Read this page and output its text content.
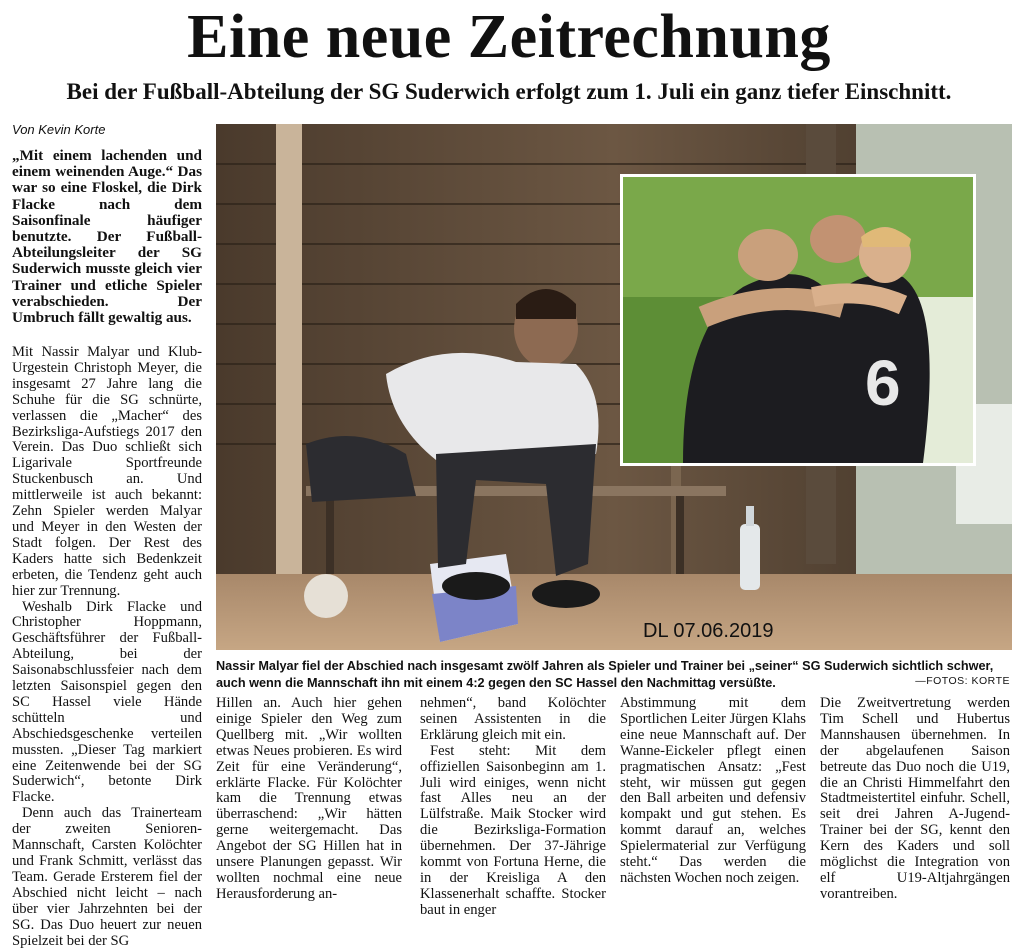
Eine neue Zeitrechnung
Bei der Fußball-Abteilung der SG Suderwich erfolgt zum 1. Juli ein ganz tiefer Einschnitt.
Von Kevin Korte
„Mit einem lachenden und einem weinenden Auge.“ Das war so eine Floskel, die Dirk Flacke nach dem Saisonfinale häufiger benutzte. Der Fußball-Abteilungsleiter der SG Suderwich musste gleich vier Trainer und etliche Spieler verabschieden. Der Umbruch fällt gewaltig aus.

Mit Nassir Malyar und Klub-Urgestein Christoph Meyer, die insgesamt 27 Jahre lang die Schuhe für die SG schnürte, verlassen die „Macher“ des Bezirksliga-Aufstiegs 2017 den Verein. Das Duo schließt sich Ligarivale Sportfreunde Stuckenbusch an. Und mittlerweile ist auch bekannt: Zehn Spieler werden Malyar und Meyer in den Westen der Stadt folgen. Der Rest des Kaders hatte sich Bedenkzeit erbeten, die Tendenz geht auch hier zur Trennung.

Weshalb Dirk Flacke und Christopher Hoppmann, Geschäftsführer der Fußball-Abteilung, bei der Saisonabschlussfeier nach dem letzten Saisonspiel gegen den SC Hassel viele Hände schütteln und Abschiedsgeschenke verteilen mussten. „Dieser Tag markiert eine Zeitenwende bei der SG Suderwich“, betonte Dirk Flacke.

Denn auch das Trainerteam der zweiten Senioren-Mannschaft, Carsten Kolöchter und Frank Schmitt, verlässt das Team. Gerade Ersterem fiel der Abschied nicht leicht – nach über vier Jahrzehnten bei der SG. Das Duo heuert zur neuen Spielzeit bei der SG

6
DL 07.06.2019
Nassir Malyar fiel der Abschied nach insgesamt zwölf Jahren als Spieler und Trainer bei „seiner“ SG Suderwich sichtlich schwer, auch wenn die Mannschaft ihn mit einem 4:2 gegen den SC Hassel den Nachmittag versüßte.	—FOTOS: KORTE

Hillen an. Auch hier gehen einige Spieler den Weg zum Quellberg mit. „Wir wollten etwas Neues probieren. Es wird Zeit für eine Veränderung“, erklärte Flacke. Für Kolöchter kam die Trennung etwas überraschend: „Wir hätten gerne weitergemacht. Das Angebot der SG Hillen hat in unsere Planungen gepasst. Wir wollten nochmal eine neue Herausforderung an-

nehmen“, band Kolöchter seinen Assistenten in die Erklärung gleich mit ein.

Fest steht: Mit dem offiziellen Saisonbeginn am 1. Juli wird einiges, wenn nicht fast Alles neu an der Lülfstraße. Maik Stocker wird die Bezirksliga-Formation übernehmen. Der 37-Jährige kommt von Fortuna Herne, die in der Kreisliga A den Klassenerhalt schaffte. Stocker baut in enger

Abstimmung mit dem Sportlichen Leiter Jürgen Klahs eine neue Mannschaft auf. Der Wanne-Eickeler pflegt einen pragmatischen Ansatz: „Fest steht, wir müssen gut gegen den Ball arbeiten und defensiv kompakt und gut stehen. Es kommt darauf an, welches Spielermaterial zur Verfügung steht.“ Das werden die nächsten Wochen noch zeigen.

Die Zweitvertretung werden Tim Schell und Hubertus Mannshausen übernehmen. In der abgelaufenen Saison betreute das Duo noch die U19, die an Christi Himmelfahrt den Stadtmeistertitel einfuhr. Schell, seit drei Jahren A-Jugend-Trainer bei der SG, kennt den Kern des Kaders und soll möglichst die Integration von elf U19-Altjahrgängen vorantreiben.
